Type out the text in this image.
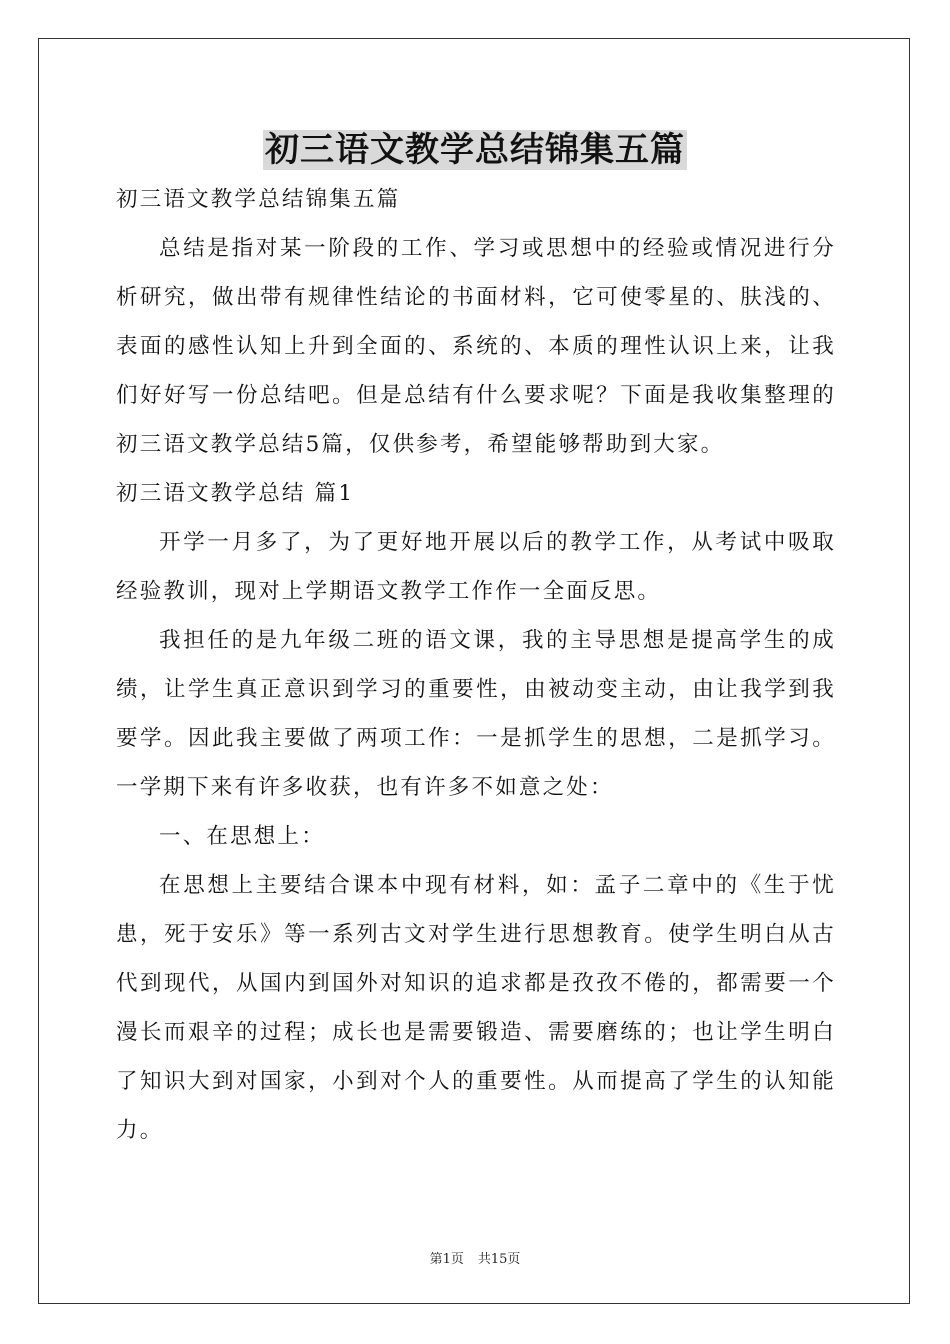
初三语文教学总结锦集五篇

初三语文教学总结锦集五篇

总结是指对某一阶段的工作、学习或思想中的经验或情况进行分析研究，做出带有规律性结论的书面材料，它可使零星的、肤浅的、表面的感性认知上升到全面的、系统的、本质的理性认识上来，让我们好好写一份总结吧。但是总结有什么要求呢？下面是我收集整理的初三语文教学总结5篇，仅供参考，希望能够帮助到大家。

初三语文教学总结 篇1

开学一月多了，为了更好地开展以后的教学工作，从考试中吸取经验教训，现对上学期语文教学工作作一全面反思。

我担任的是九年级二班的语文课，我的主导思想是提高学生的成绩，让学生真正意识到学习的重要性，由被动变主动，由让我学到我要学。因此我主要做了两项工作：一是抓学生的思想，二是抓学习。一学期下来有许多收获，也有许多不如意之处：

一、在思想上：

在思想上主要结合课本中现有材料，如：孟子二章中的《生于忧患，死于安乐》等一系列古文对学生进行思想教育。使学生明白从古代到现代，从国内到国外对知识的追求都是孜孜不倦的，都需要一个漫长而艰辛的过程；成长也是需要锻造、需要磨练的；也让学生明白了知识大到对国家，小到对个人的重要性。从而提高了学生的认知能力。

第1页 共15页
